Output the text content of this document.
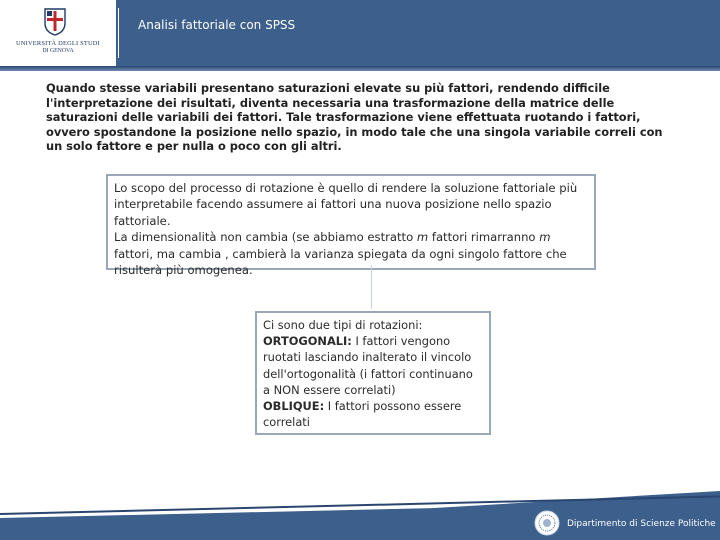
UNIVERSITÀ DEGLI STUDI
DI GENOVA
Analisi fattoriale con SPSS
Quando stesse variabili presentano saturazioni elevate su più fattori, rendendo difficile l'interpretazione dei risultati, diventa necessaria una trasformazione della matrice delle saturazioni delle variabili dei fattori. Tale trasformazione viene effettuata ruotando i fattori, ovvero spostandone la posizione nello spazio, in modo tale che una singola variabile correli con un solo fattore e per nulla o poco con gli altri.
Lo scopo del processo di rotazione è quello di rendere la soluzione fattoriale più interpretabile facendo assumere ai fattori una nuova posizione nello spazio fattoriale.
La dimensionalità non cambia (se abbiamo estratto m fattori rimarranno m fattori, ma cambia , cambierà la varianza spiegata da ogni singolo fattore che risulterà più omogenea.
Ci sono due tipi di rotazioni:
ORTOGONALI: I fattori vengono ruotati lasciando inalterato il vincolo dell'ortogonalità (i fattori continuano a NON essere correlati)
OBLIQUE: I fattori possono essere correlati
Dipartimento di Scienze Politiche
